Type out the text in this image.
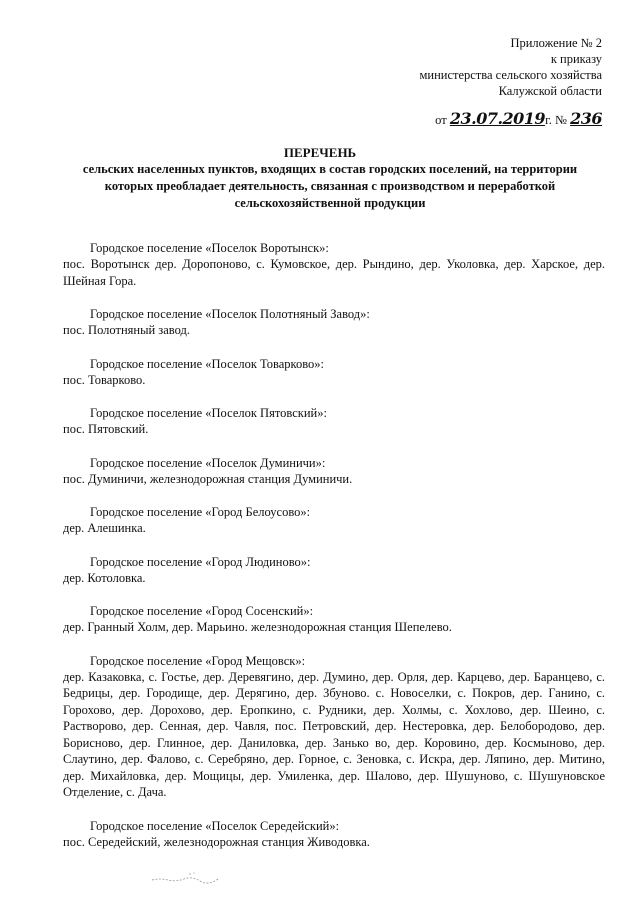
Приложение № 2
к приказу
министерства сельского хозяйства
Калужской области
от 23.07.2019г. № 236
ПЕРЕЧЕНЬ
сельских населенных пунктов, входящих в состав городских поселений, на территории которых преобладает деятельность, связанная с производством и переработкой сельскохозяйственной продукции
Городское поселение «Поселок Воротынск»:
пос. Воротынск дер. Доропоново, с. Кумовское, дер. Рындино, дер. Уколовка, дер. Харское, дер. Шейная Гора.
Городское поселение «Поселок Полотняный Завод»:
пос. Полотняный завод.
Городское поселение «Поселок Товарково»:
пос. Товарково.
Городское поселение «Поселок Пятовский»:
пос. Пятовский.
Городское поселение «Поселок Думиничи»:
пос. Думиничи, железнодорожная станция Думиничи.
Городское поселение «Город Белоусово»:
дер. Алешинка.
Городское поселение «Город Людиново»:
дер. Котоловка.
Городское поселение «Город Сосенский»:
дер. Гранный Холм, дер. Марьино. железнодорожная станция Шепелево.
Городское поселение «Город Мещовск»:
дер. Казаковка, с. Гостье, дер. Деревягино, дер. Думино, дер. Орля, дер. Карцево, дер. Баранцево, с. Бедрицы, дер. Городище, дер. Дерягино, дер. Збуново. с. Новоселки, с. Покров, дер. Ганино, с. Горохово, дер. Дорохово, дер. Еропкино, с. Рудники, дер. Холмы, с. Хохлово, дер. Шеино, с. Растворово, дер. Сенная, дер. Чавля, пос. Петровский, дер. Нестеровка, дер. Белобородово, дер. Борисново, дер. Глинное, дер. Даниловка, дер. Занько во, дер. Коровино, дер. Космыново, дер. Слаутино, дер. Фалово, с. Серебряно, дер. Горное, с. Зеновка, с. Искра, дер. Ляпино, дер. Митино, дер. Михайловка, дер. Мощицы, дер. Умиленка, дер. Шалово, дер. Шушуново, с. Шушуновское Отделение, с. Дача.
Городское поселение «Поселок Середейский»:
пос. Середейский, железнодорожная станция Живодовка.
